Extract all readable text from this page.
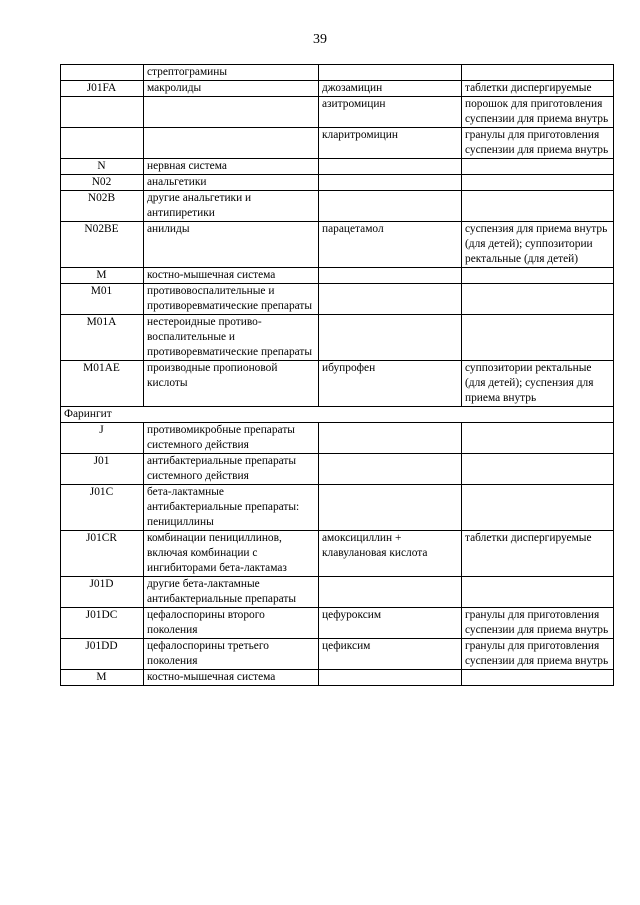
39
	стрептограмины		
J01FA	макролиды	джозамицин	таблетки диспергируемые
		азитромицин	порошок для приготовления суспензии для приема внутрь
		кларитромицин	гранулы для приготовления суспензии для приема внутрь
N	нервная система		
N02	анальгетики		
N02B	другие анальгетики и антипиретики		
N02BE	анилиды	парацетамол	суспензия для приема внутрь (для детей); суппозитории ректальные (для детей)
M	костно-мышечная система		
M01	противовоспалительные и противоревматические препараты		
M01A	нестероидные противо- воспалительные и противоревматические препараты		
M01AE	производные пропионовой кислоты	ибупрофен	суппозитории ректальные (для детей); суспензия для приема внутрь
Фарингит			
J	противомикробные препараты системного действия		
J01	антибактериальные препараты системного действия		
J01C	бета-лактамные антибактериальные препараты: пенициллины		
J01CR	комбинации пенициллинов, включая комбинации с ингибиторами бета-лактамаз	амоксициллин + клавулановая кислота	таблетки диспергируемые
J01D	другие бета-лактамные антибактериальные препараты		
J01DC	цефалоспорины второго поколения	цефуроксим	гранулы для приготовления суспензии для приема внутрь
J01DD	цефалоспорины третьего поколения	цефиксим	гранулы для приготовления суспензии для приема внутрь
M	костно-мышечная система		
